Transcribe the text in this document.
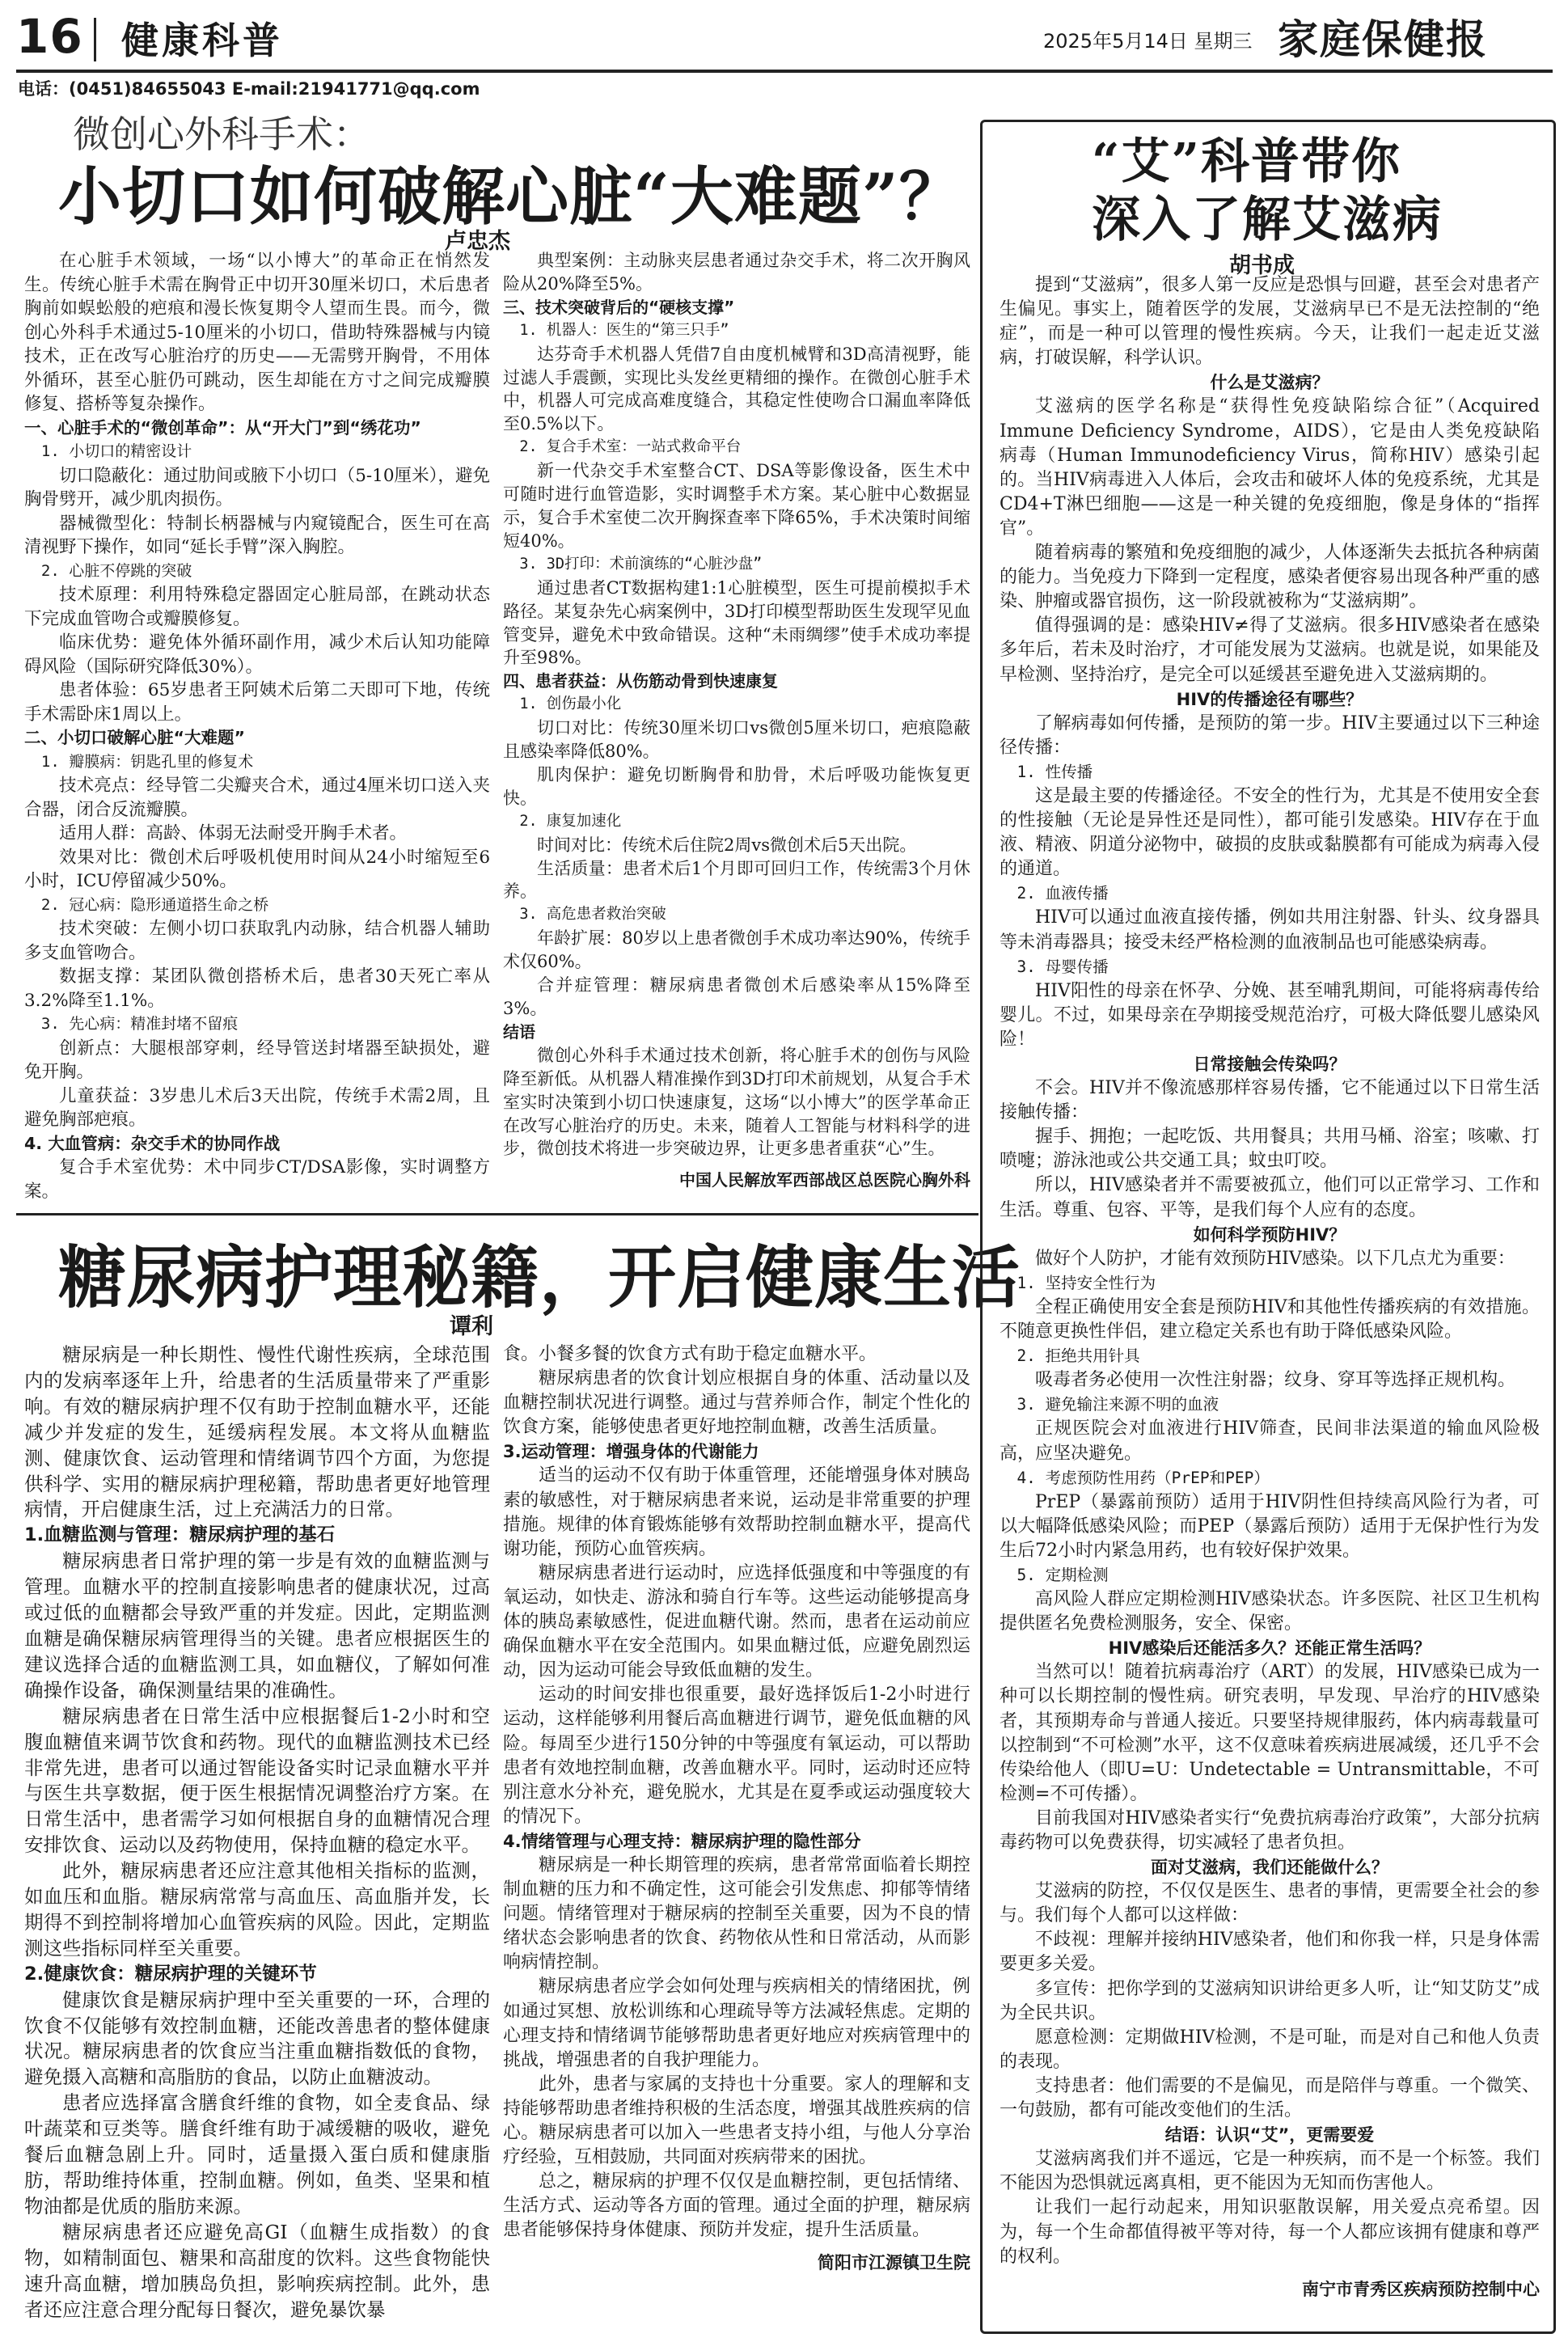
16 健康科普	2025年5月14日 星期三 家庭保健报
电话：(0451)84655043 E-mail:21941771@qq.com
微创心外科手术：
小切口如何破解心脏“大难题”？
卢忠杰

在心脏手术领域，一场“以小博大”的革命正在悄然发生。传统心脏手术需在胸骨正中切开30厘米切口，术后患者胸前如蜈蚣般的疤痕和漫长恢复期令人望而生畏。而今，微创心外科手术通过5-10厘米的小切口，借助特殊器械与内镜技术，正在改写心脏治疗的历史——无需劈开胸骨，不用体外循环，甚至心脏仍可跳动，医生却能在方寸之间完成瓣膜修复、搭桥等复杂操作。

一、心脏手术的“微创革命”：从“开大门”到“绣花功”

1. 小切口的精密设计

切口隐蔽化：通过肋间或腋下小切口（5-10厘米），避免胸骨劈开，减少肌肉损伤。

器械微型化：特制长柄器械与内窥镜配合，医生可在高清视野下操作，如同“延长手臂”深入胸腔。

2. 心脏不停跳的突破

技术原理：利用特殊稳定器固定心脏局部，在跳动状态下完成血管吻合或瓣膜修复。

临床优势：避免体外循环副作用，减少术后认知功能障碍风险（国际研究降低30%）。

患者体验：65岁患者王阿姨术后第二天即可下地，传统手术需卧床1周以上。

二、小切口破解心脏“大难题”

1. 瓣膜病：钥匙孔里的修复术

技术亮点：经导管二尖瓣夹合术，通过4厘米切口送入夹合器，闭合反流瓣膜。

适用人群：高龄、体弱无法耐受开胸手术者。

效果对比：微创术后呼吸机使用时间从24小时缩短至6小时，ICU停留减少50%。

2. 冠心病：隐形通道搭生命之桥

技术突破：左侧小切口获取乳内动脉，结合机器人辅助多支血管吻合。

数据支撑：某团队微创搭桥术后，患者30天死亡率从3.2%降至1.1%。

3. 先心病：精准封堵不留痕

创新点：大腿根部穿刺，经导管送封堵器至缺损处，避免开胸。

儿童获益：3岁患儿术后3天出院，传统手术需2周，且避免胸部疤痕。

4. 大血管病：杂交手术的协同作战

复合手术室优势：术中同步CT/DSA影像，实时调整方案。

典型案例：主动脉夹层患者通过杂交手术，将二次开胸风险从20%降至5%。

三、技术突破背后的“硬核支撑”

1. 机器人：医生的“第三只手”

达芬奇手术机器人凭借7自由度机械臂和3D高清视野，能过滤人手震颤，实现比头发丝更精细的操作。在微创心脏手术中，机器人可完成高难度缝合，其稳定性使吻合口漏血率降低至0.5%以下。

2. 复合手术室：一站式救命平台

新一代杂交手术室整合CT、DSA等影像设备，医生术中可随时进行血管造影，实时调整手术方案。某心脏中心数据显示，复合手术室使二次开胸探查率下降65%，手术决策时间缩短40%。

3. 3D打印：术前演练的“心脏沙盘”

通过患者CT数据构建1:1心脏模型，医生可提前模拟手术路径。某复杂先心病案例中，3D打印模型帮助医生发现罕见血管变异，避免术中致命错误。这种“未雨绸缪”使手术成功率提升至98%。

四、患者获益：从伤筋动骨到快速康复

1. 创伤最小化

切口对比：传统30厘米切口vs微创5厘米切口，疤痕隐蔽且感染率降低80%。

肌肉保护：避免切断胸骨和肋骨，术后呼吸功能恢复更快。

2. 康复加速化

时间对比：传统术后住院2周vs微创术后5天出院。

生活质量：患者术后1个月即可回归工作，传统需3个月休养。

3. 高危患者救治突破

年龄扩展：80岁以上患者微创手术成功率达90%，传统手术仅60%。

合并症管理：糖尿病患者微创术后感染率从15%降至3%。

结语

微创心外科手术通过技术创新，将心脏手术的创伤与风险降至新低。从机器人精准操作到3D打印术前规划，从复合手术室实时决策到小切口快速康复，这场“以小博大”的医学革命正在改写心脏治疗的历史。未来，随着人工智能与材料科学的进步，微创技术将进一步突破边界，让更多患者重获“心”生。

中国人民解放军西部战区总医院心胸外科

糖尿病护理秘籍，开启健康生活
谭利

糖尿病是一种长期性、慢性代谢性疾病，全球范围内的发病率逐年上升，给患者的生活质量带来了严重影响。有效的糖尿病护理不仅有助于控制血糖水平，还能减少并发症的发生，延缓病程发展。本文将从血糖监测、健康饮食、运动管理和情绪调节四个方面，为您提供科学、实用的糖尿病护理秘籍，帮助患者更好地管理病情，开启健康生活，过上充满活力的日常。

1.血糖监测与管理：糖尿病护理的基石

糖尿病患者日常护理的第一步是有效的血糖监测与管理。血糖水平的控制直接影响患者的健康状况，过高或过低的血糖都会导致严重的并发症。因此，定期监测血糖是确保糖尿病管理得当的关键。患者应根据医生的建议选择合适的血糖监测工具，如血糖仪，了解如何准确操作设备，确保测量结果的准确性。

糖尿病患者在日常生活中应根据餐后1-2小时和空腹血糖值来调节饮食和药物。现代的血糖监测技术已经非常先进，患者可以通过智能设备实时记录血糖水平并与医生共享数据，便于医生根据情况调整治疗方案。在日常生活中，患者需学习如何根据自身的血糖情况合理安排饮食、运动以及药物使用，保持血糖的稳定水平。

此外，糖尿病患者还应注意其他相关指标的监测，如血压和血脂。糖尿病常常与高血压、高血脂并发，长期得不到控制将增加心血管疾病的风险。因此，定期监测这些指标同样至关重要。

2.健康饮食：糖尿病护理的关键环节

健康饮食是糖尿病护理中至关重要的一环，合理的饮食不仅能够有效控制血糖，还能改善患者的整体健康状况。糖尿病患者的饮食应当注重血糖指数低的食物，避免摄入高糖和高脂肪的食品，以防止血糖波动。

患者应选择富含膳食纤维的食物，如全麦食品、绿叶蔬菜和豆类等。膳食纤维有助于减缓糖的吸收，避免餐后血糖急剧上升。同时，适量摄入蛋白质和健康脂肪，帮助维持体重，控制血糖。例如，鱼类、坚果和植物油都是优质的脂肪来源。

糖尿病患者还应避免高GI（血糖生成指数）的食物，如精制面包、糖果和高甜度的饮料。这些食物能快速升高血糖，增加胰岛负担，影响疾病控制。此外，患者还应注意合理分配每日餐次，避免暴饮暴

食。小餐多餐的饮食方式有助于稳定血糖水平。

糖尿病患者的饮食计划应根据自身的体重、活动量以及血糖控制状况进行调整。通过与营养师合作，制定个性化的饮食方案，能够使患者更好地控制血糖，改善生活质量。

3.运动管理：增强身体的代谢能力

适当的运动不仅有助于体重管理，还能增强身体对胰岛素的敏感性，对于糖尿病患者来说，运动是非常重要的护理措施。规律的体育锻炼能够有效帮助控制血糖水平，提高代谢功能，预防心血管疾病。

糖尿病患者进行运动时，应选择低强度和中等强度的有氧运动，如快走、游泳和骑自行车等。这些运动能够提高身体的胰岛素敏感性，促进血糖代谢。然而，患者在运动前应确保血糖水平在安全范围内。如果血糖过低，应避免剧烈运动，因为运动可能会导致低血糖的发生。

运动的时间安排也很重要，最好选择饭后1-2小时进行运动，这样能够利用餐后高血糖进行调节，避免低血糖的风险。每周至少进行150分钟的中等强度有氧运动，可以帮助患者有效地控制血糖，改善血糖水平。同时，运动时还应特别注意水分补充，避免脱水，尤其是在夏季或运动强度较大的情况下。

4.情绪管理与心理支持：糖尿病护理的隐性部分

糖尿病是一种长期管理的疾病，患者常常面临着长期控制血糖的压力和不确定性，这可能会引发焦虑、抑郁等情绪问题。情绪管理对于糖尿病的控制至关重要，因为不良的情绪状态会影响患者的饮食、药物依从性和日常活动，从而影响病情控制。

糖尿病患者应学会如何处理与疾病相关的情绪困扰，例如通过冥想、放松训练和心理疏导等方法减轻焦虑。定期的心理支持和情绪调节能够帮助患者更好地应对疾病管理中的挑战，增强患者的自我护理能力。

此外，患者与家属的支持也十分重要。家人的理解和支持能够帮助患者维持积极的生活态度，增强其战胜疾病的信心。糖尿病患者可以加入一些患者支持小组，与他人分享治疗经验，互相鼓励，共同面对疾病带来的困扰。

总之，糖尿病的护理不仅仅是血糖控制，更包括情绪、生活方式、运动等各方面的管理。通过全面的护理，糖尿病患者能够保持身体健康、预防并发症，提升生活质量。

简阳市江源镇卫生院

“艾”科普带你
深入了解艾滋病
胡书成

提到“艾滋病”，很多人第一反应是恐惧与回避，甚至会对患者产生偏见。事实上，随着医学的发展，艾滋病早已不是无法控制的“绝症”，而是一种可以管理的慢性疾病。今天，让我们一起走近艾滋病，打破误解，科学认识。

什么是艾滋病？

艾滋病的医学名称是“获得性免疫缺陷综合征”（Acquired Immune Deficiency Syndrome，AIDS），它是由人类免疫缺陷病毒（Human Immunodeficiency Virus，简称HIV）感染引起的。当HIV病毒进入人体后，会攻击和破坏人体的免疫系统，尤其是CD4+T淋巴细胞——这是一种关键的免疫细胞，像是身体的“指挥官”。

随着病毒的繁殖和免疫细胞的减少，人体逐渐失去抵抗各种病菌的能力。当免疫力下降到一定程度，感染者便容易出现各种严重的感染、肿瘤或器官损伤，这一阶段就被称为“艾滋病期”。

值得强调的是：感染HIV≠得了艾滋病。很多HIV感染者在感染多年后，若未及时治疗，才可能发展为艾滋病。也就是说，如果能及早检测、坚持治疗，是完全可以延缓甚至避免进入艾滋病期的。

HIV的传播途径有哪些？

了解病毒如何传播，是预防的第一步。HIV主要通过以下三种途径传播：

1. 性传播

这是最主要的传播途径。不安全的性行为，尤其是不使用安全套的性接触（无论是异性还是同性），都可能引发感染。HIV存在于血液、精液、阴道分泌物中，破损的皮肤或黏膜都有可能成为病毒入侵的通道。

2. 血液传播

HIV可以通过血液直接传播，例如共用注射器、针头、纹身器具等未消毒器具；接受未经严格检测的血液制品也可能感染病毒。

3. 母婴传播

HIV阳性的母亲在怀孕、分娩、甚至哺乳期间，可能将病毒传给婴儿。不过，如果母亲在孕期接受规范治疗，可极大降低婴儿感染风险！

日常接触会传染吗？

不会。HIV并不像流感那样容易传播，它不能通过以下日常生活接触传播：

握手、拥抱；一起吃饭、共用餐具；共用马桶、浴室；咳嗽、打喷嚏；游泳池或公共交通工具；蚊虫叮咬。

所以，HIV感染者并不需要被孤立，他们可以正常学习、工作和生活。尊重、包容、平等，是我们每个人应有的态度。

如何科学预防HIV？

做好个人防护，才能有效预防HIV感染。以下几点尤为重要：

1. 坚持安全性行为

全程正确使用安全套是预防HIV和其他性传播疾病的有效措施。不随意更换性伴侣，建立稳定关系也有助于降低感染风险。

2. 拒绝共用针具

吸毒者务必使用一次性注射器；纹身、穿耳等选择正规机构。

3. 避免输注来源不明的血液

正规医院会对血液进行HIV筛查，民间非法渠道的输血风险极高，应坚决避免。

4. 考虑预防性用药（PrEP和PEP）

PrEP（暴露前预防）适用于HIV阴性但持续高风险行为者，可以大幅降低感染风险；而PEP（暴露后预防）适用于无保护性行为发生后72小时内紧急用药，也有较好保护效果。

5. 定期检测

高风险人群应定期检测HIV感染状态。许多医院、社区卫生机构提供匿名免费检测服务，安全、保密。

HIV感染后还能活多久？还能正常生活吗？

当然可以！随着抗病毒治疗（ART）的发展，HIV感染已成为一种可以长期控制的慢性病。研究表明，早发现、早治疗的HIV感染者，其预期寿命与普通人接近。只要坚持规律服药，体内病毒载量可以控制到“不可检测”水平，这不仅意味着疾病进展减缓，还几乎不会传染给他人（即U=U：Undetectable = Untransmittable，不可检测=不可传播）。

目前我国对HIV感染者实行“免费抗病毒治疗政策”，大部分抗病毒药物可以免费获得，切实减轻了患者负担。

面对艾滋病，我们还能做什么？

艾滋病的防控，不仅仅是医生、患者的事情，更需要全社会的参与。我们每个人都可以这样做：

不歧视：理解并接纳HIV感染者，他们和你我一样，只是身体需要更多关爱。

多宣传：把你学到的艾滋病知识讲给更多人听，让“知艾防艾”成为全民共识。

愿意检测：定期做HIV检测，不是可耻，而是对自己和他人负责的表现。

支持患者：他们需要的不是偏见，而是陪伴与尊重。一个微笑、一句鼓励，都有可能改变他们的生活。

结语：认识“艾”，更需要爱

艾滋病离我们并不遥远，它是一种疾病，而不是一个标签。我们不能因为恐惧就远离真相，更不能因为无知而伤害他人。

让我们一起行动起来，用知识驱散误解，用关爱点亮希望。因为，每一个生命都值得被平等对待，每一个人都应该拥有健康和尊严的权利。

南宁市青秀区疾病预防控制中心
